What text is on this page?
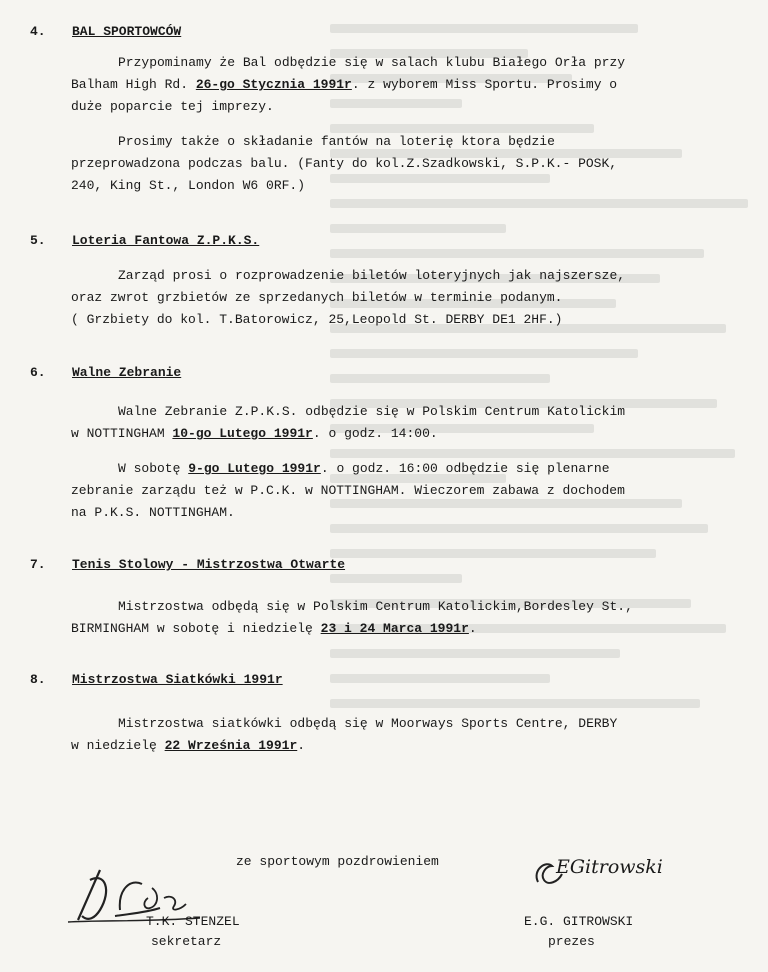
4. BAL SPORTOWCÓW
Przypominamy że Bal odbędzie się w salach klubu Białego Orła przy
Balham High Rd. 26-go Stycznia 1991r. z wyborem Miss Sportu. Prosimy o
duże poparcie tej imprezy.
Prosimy także o składanie fantów na loterię ktora będzie
przeprowadzona podczas balu. (Fanty do kol.Z.Szadkowski, S.P.K.- POSK,
240, King St., London W6 0RF.)
5. Loteria Fantowa Z.P.K.S.
Zarząd prosi o rozprowadzenie biletów loteryjnych jak najszersze,
oraz zwrot grzbietów ze sprzedanych biletów w terminie podanym.
( Grzbiety do kol. T.Batorowicz, 25,Leopold St. DERBY DE1 2HF.)
6. Walne Zebranie
Walne Zebranie Z.P.K.S. odbędzie się w Polskim Centrum Katolickim
w NOTTINGHAM 10-go Lutego 1991r. o godz. 14:00.
W sobotę 9-go Lutego 1991r. o godz. 16:00 odbędzie się plenarne
zebranie zarządu też w P.C.K. w NOTTINGHAM. Wieczorem zabawa z dochodem
na P.K.S. NOTTINGHAM.
7. Tenis Stolowy - Mistrzostwa Otwarte
Mistrzostwa odbędą się w Polskim Centrum Katolickim,Bordesley St.,
BIRMINGHAM w sobotę i niedzielę 23 i 24 Marca 1991r.
8. Mistrzostwa Siatkówki 1991r
Mistrzostwa siatkówki odbędą się w Moorways Sports Centre, DERBY
w niedzielę 22 Września 1991r.
ze sportowym pozdrowieniem	EGitrowski
T.K. STENZEL
sekretarz
E.G. GITROWSKI
prezes
